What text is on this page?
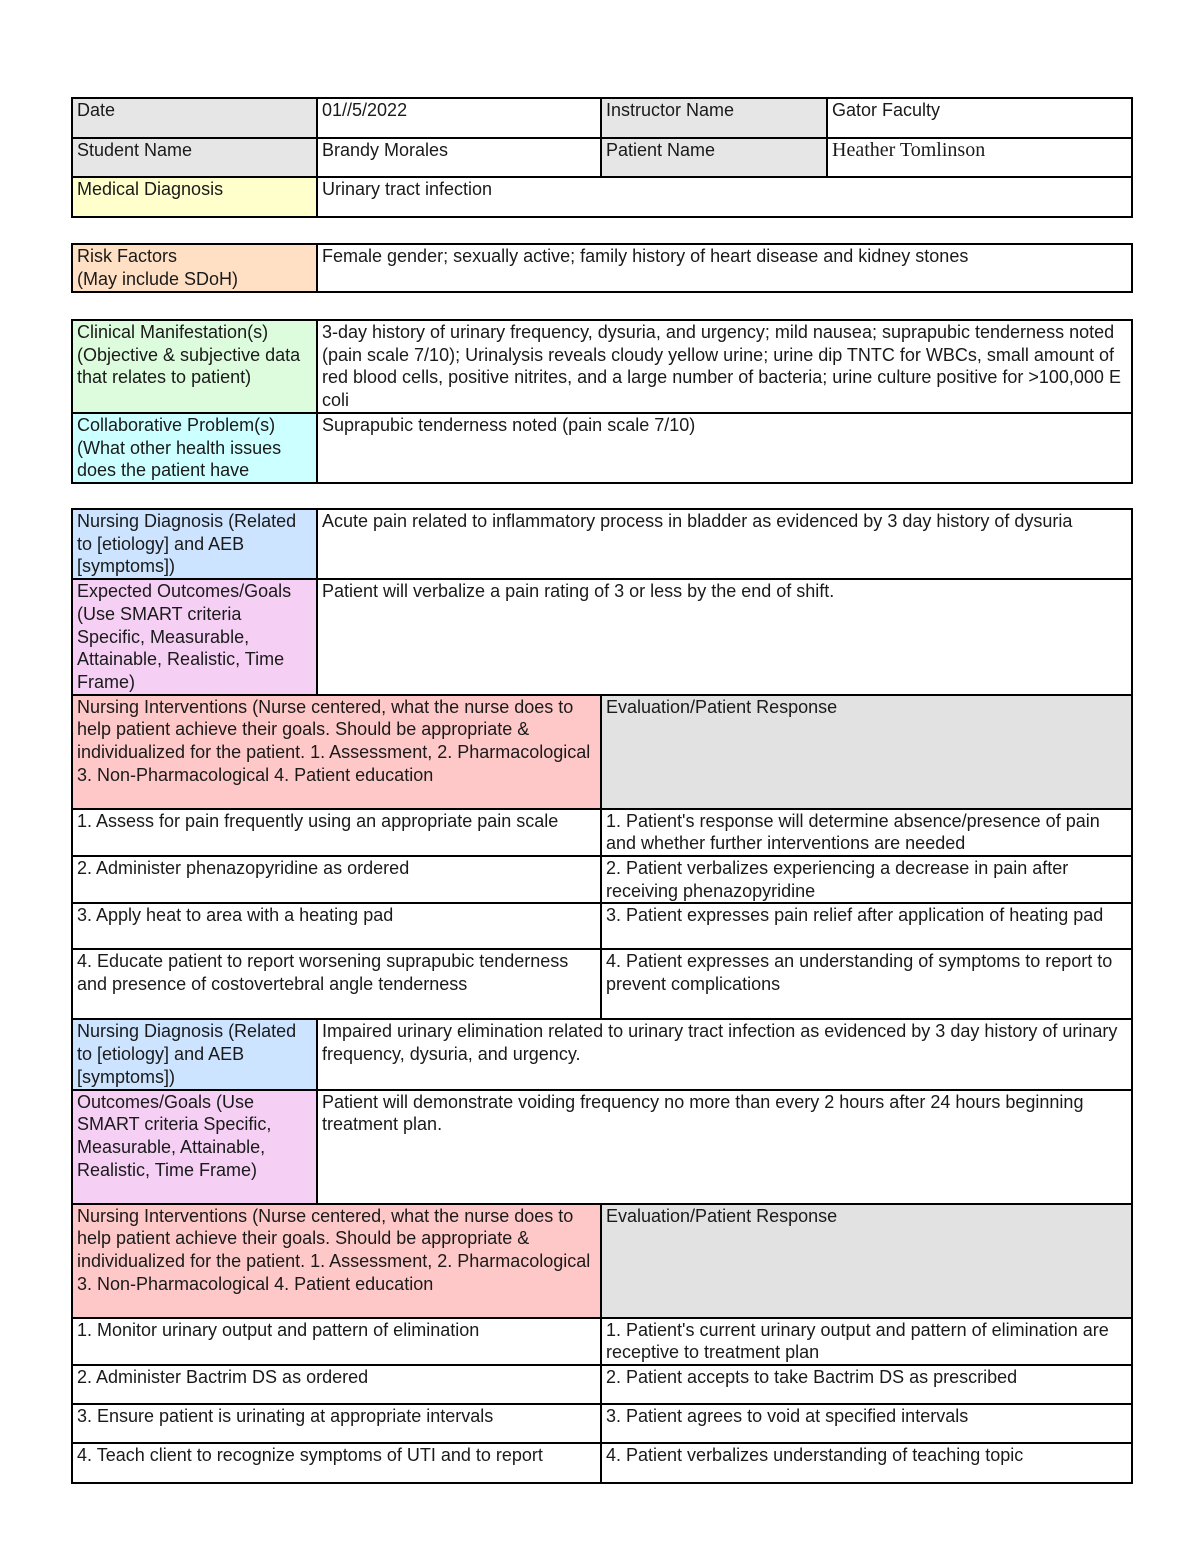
Date	01//5/2022	Instructor Name	Gator Faculty
Student Name	Brandy Morales	Patient Name	Heather Tomlinson
Medical Diagnosis	Urinary tract infection		
Risk Factors
(May include SDoH)
	Female gender; sexually active; family history of heart disease and kidney stones
Clinical Manifestation(s) (Objective & subjective data that relates to patient)	3-day history of urinary frequency, dysuria, and urgency; mild nausea; suprapubic tenderness noted (pain scale 7/10); Urinalysis reveals cloudy yellow urine; urine dip TNTC for WBCs, small amount of red blood cells, positive nitrites, and a large number of bacteria; urine culture positive for >100,000 E coli
Collaborative Problem(s) (What other health issues does the patient have	Suprapubic tenderness noted (pain scale 7/10)
Nursing Diagnosis (Related to [etiology] and AEB [symptoms])	Acute pain related to inflammatory process in bladder as evidenced by 3 day history of dysuria	
Expected Outcomes/Goals (Use SMART criteria Specific, Measurable, Attainable, Realistic, Time Frame)	Patient will verbalize a pain rating of 3 or less by the end of shift.	
Nursing Interventions (Nurse centered, what the nurse does to help patient achieve their goals. Should be appropriate & individualized for the patient. 1. Assessment, 2. Pharmacological 3. Non-Pharmacological 4. Patient education		Evaluation/Patient Response
1. Assess for pain frequently using an appropriate pain scale		1. Patient's response will determine absence/presence of pain and whether further interventions are needed
2. Administer phenazopyridine as ordered		2. Patient verbalizes experiencing a decrease in pain after receiving phenazopyridine
3. Apply heat to area with a heating pad		3. Patient expresses pain relief after application of heating pad
4. Educate patient to report worsening suprapubic tenderness and presence of costovertebral angle tenderness		4. Patient expresses an understanding of symptoms to report to prevent complications
Nursing Diagnosis (Related to [etiology] and AEB [symptoms])	Impaired urinary elimination related to urinary tract infection as evidenced by 3 day history of urinary frequency, dysuria, and urgency.	
Outcomes/Goals (Use SMART criteria Specific, Measurable, Attainable, Realistic, Time Frame)	Patient will demonstrate voiding frequency no more than every 2 hours after 24 hours beginning treatment plan.	
Nursing Interventions (Nurse centered, what the nurse does to help patient achieve their goals. Should be appropriate & individualized for the patient. 1. Assessment, 2. Pharmacological 3. Non-Pharmacological 4. Patient education		Evaluation/Patient Response
1. Monitor urinary output and pattern of elimination		1. Patient's current urinary output and pattern of elimination are receptive to treatment plan
2. Administer Bactrim DS as ordered		2. Patient accepts to take Bactrim DS as prescribed
3. Ensure patient is urinating at appropriate intervals		3. Patient agrees to void at specified intervals
4. Teach client to recognize symptoms of UTI and to report		4. Patient verbalizes understanding of teaching topic
